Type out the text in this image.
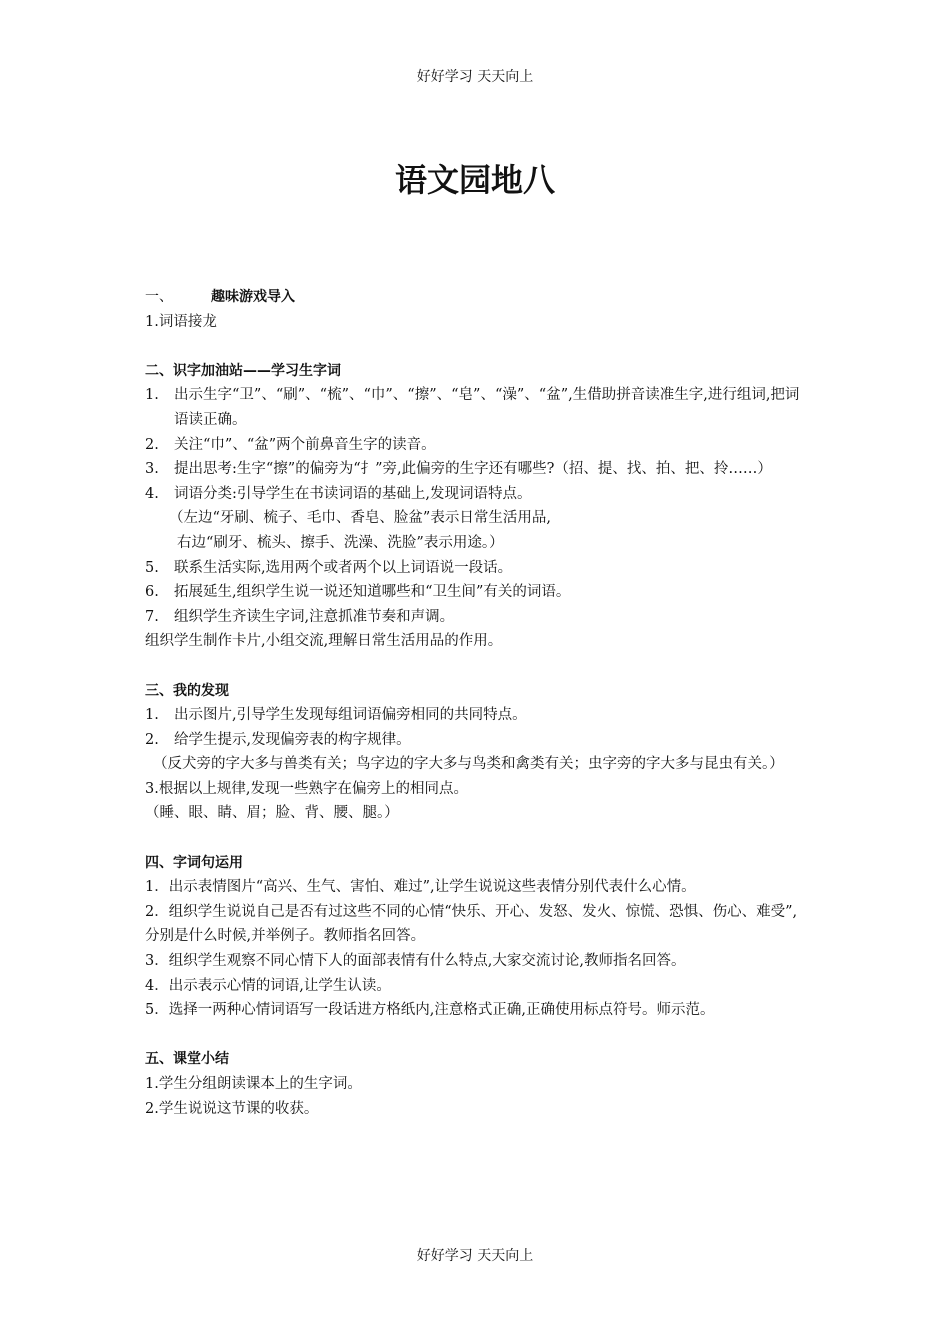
好好学习 天天向上
语文园地八
一、	趣味游戏导入
1.词语接龙
二、识字加油站——学习生字词
1.	出示生字“卫”、“刷”、“梳”、“巾”、“擦”、“皂”、“澡”、“盆”,生借助拼音读准生字,进行组词,把词语读正确。
2.	关注“巾”、“盆”两个前鼻音生字的读音。
3.	提出思考:生字“擦”的偏旁为“扌”旁,此偏旁的生字还有哪些?（招、提、找、拍、把、拎……）
4.	词语分类:引导学生在书读词语的基础上,发现词语特点。
（左边“牙刷、梳子、毛巾、香皂、脸盆”表示日常生活用品,
右边“刷牙、梳头、擦手、洗澡、洗脸”表示用途。）
5.	联系生活实际,选用两个或者两个以上词语说一段话。
6.	拓展延生,组织学生说一说还知道哪些和“卫生间”有关的词语。
7.	组织学生齐读生字词,注意抓准节奏和声调。
组织学生制作卡片,小组交流,理解日常生活用品的作用。
三、我的发现
1.	出示图片,引导学生发现每组词语偏旁相同的共同特点。
2.	给学生提示,发现偏旁表的构字规律。
（反犬旁的字大多与兽类有关；鸟字边的字大多与鸟类和禽类有关；虫字旁的字大多与昆虫有关。）
3.根据以上规律,发现一些熟字在偏旁上的相同点。
（睡、眼、睛、眉；脸、背、腰、腿。）
四、字词句运用
1．出示表情图片“高兴、生气、害怕、难过”,让学生说说这些表情分别代表什么心情。
2．组织学生说说自己是否有过这些不同的心情“快乐、开心、发怒、发火、惊慌、恐惧、伤心、难受”,分别是什么时候,并举例子。教师指名回答。
3．组织学生观察不同心情下人的面部表情有什么特点,大家交流讨论,教师指名回答。
4．出示表示心情的词语,让学生认读。
5．选择一两种心情词语写一段话进方格纸内,注意格式正确,正确使用标点符号。师示范。
五、课堂小结
1.学生分组朗读课本上的生字词。
2.学生说说这节课的收获。
好好学习 天天向上
